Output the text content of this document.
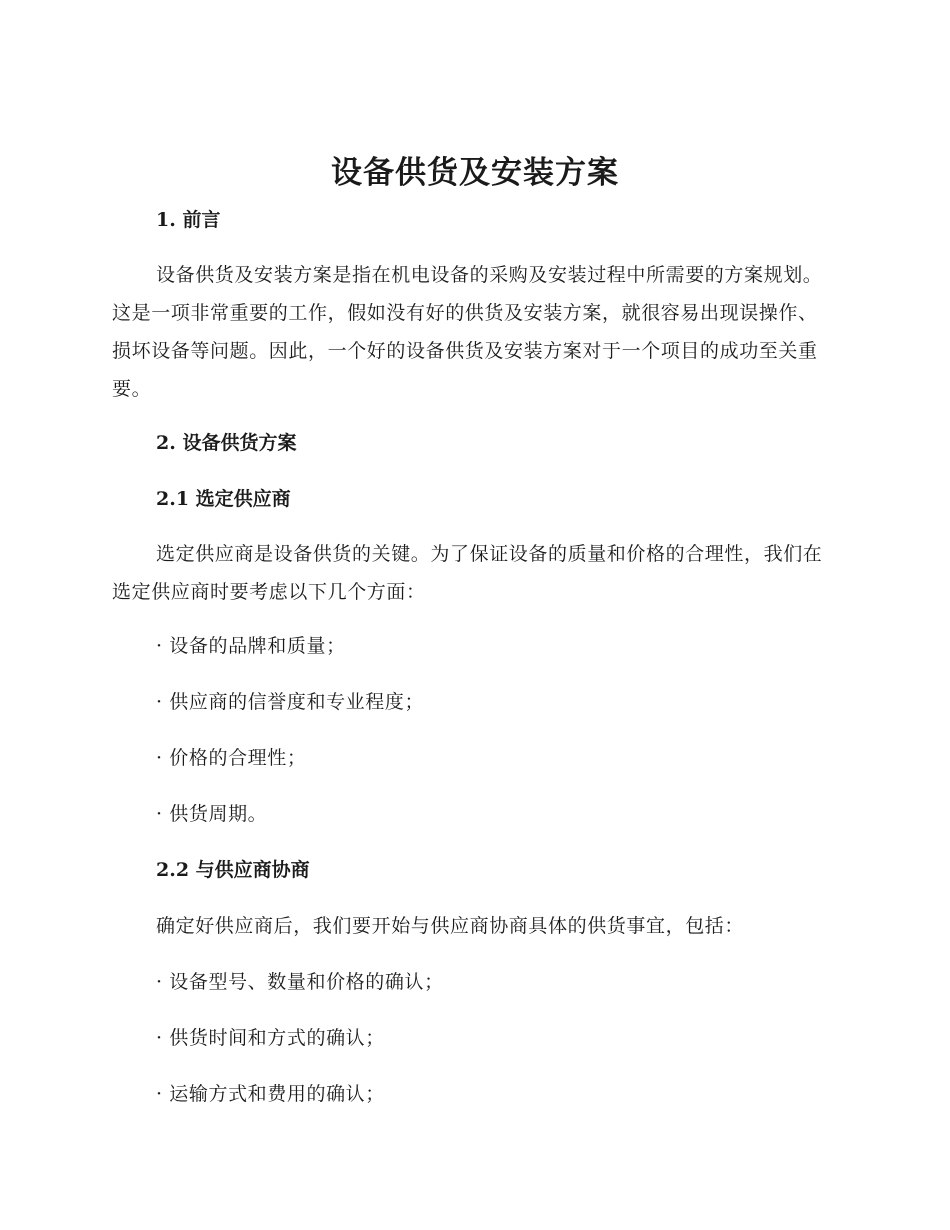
设备供货及安装方案

1. 前言

设备供货及安装方案是指在机电设备的采购及安装过程中所需要的方案规划。这是一项非常重要的工作，假如没有好的供货及安装方案，就很容易出现误操作、损坏设备等问题。因此，一个好的设备供货及安装方案对于一个项目的成功至关重要。

2. 设备供货方案

2.1 选定供应商

选定供应商是设备供货的关键。为了保证设备的质量和价格的合理性，我们在选定供应商时要考虑以下几个方面：

· 设备的品牌和质量；

· 供应商的信誉度和专业程度；

· 价格的合理性；

· 供货周期。

2.2 与供应商协商

确定好供应商后，我们要开始与供应商协商具体的供货事宜，包括：

· 设备型号、数量和价格的确认；

· 供货时间和方式的确认；

· 运输方式和费用的确认；
